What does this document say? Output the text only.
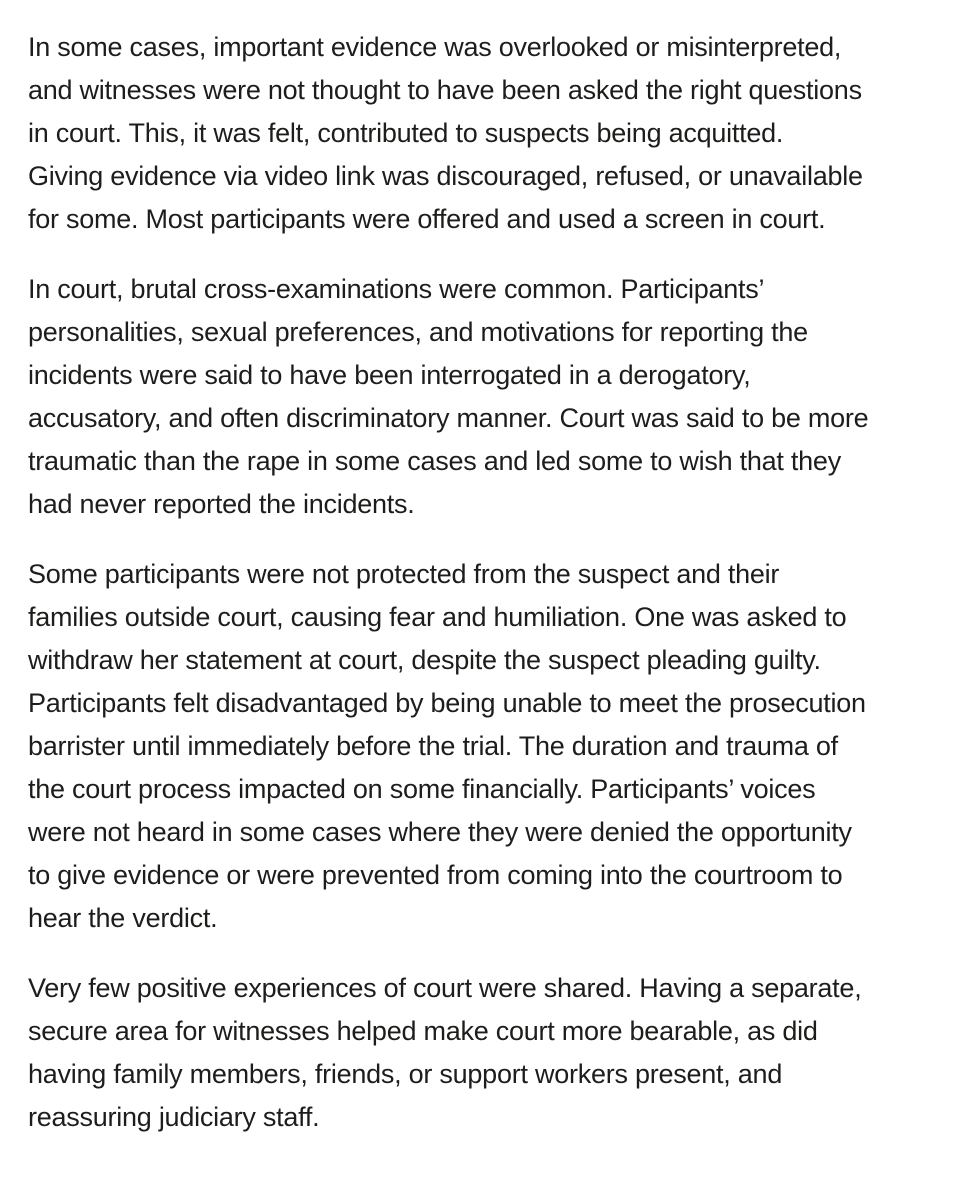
In some cases, important evidence was overlooked or misinterpreted,
and witnesses were not thought to have been asked the right questions
in court. This, it was felt, contributed to suspects being acquitted.
Giving evidence via video link was discouraged, refused, or unavailable
for some. Most participants were offered and used a screen in court.

In court, brutal cross-examinations were common. Participants’
personalities, sexual preferences, and motivations for reporting the
incidents were said to have been interrogated in a derogatory,
accusatory, and often discriminatory manner. Court was said to be more
traumatic than the rape in some cases and led some to wish that they
had never reported the incidents.

Some participants were not protected from the suspect and their
families outside court, causing fear and humiliation. One was asked to
withdraw her statement at court, despite the suspect pleading guilty.
Participants felt disadvantaged by being unable to meet the prosecution
barrister until immediately before the trial. The duration and trauma of
the court process impacted on some financially. Participants’ voices
were not heard in some cases where they were denied the opportunity
to give evidence or were prevented from coming into the courtroom to
hear the verdict.

Very few positive experiences of court were shared. Having a separate,
secure area for witnesses helped make court more bearable, as did
having family members, friends, or support workers present, and
reassuring judiciary staff.
